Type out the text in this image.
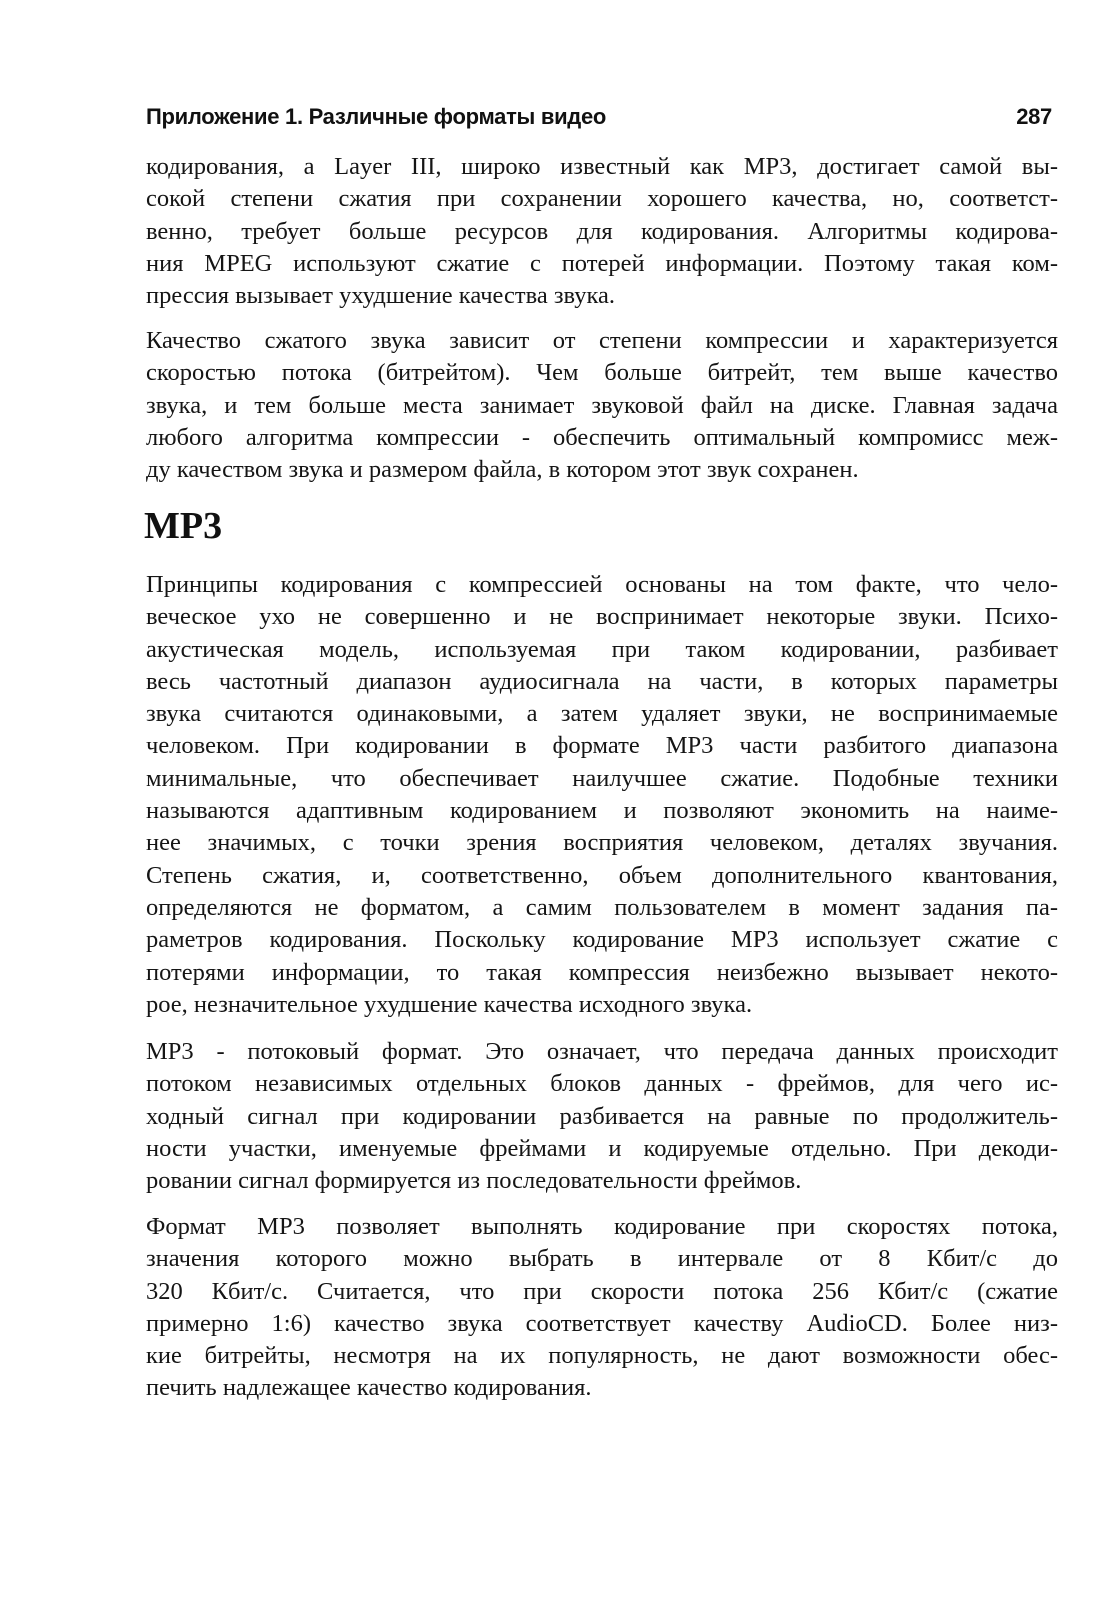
Приложение 1. Различные форматы видео	287

кодирования, а Layer III, широко известный как MP3, достигает самой вы-
сокой степени сжатия при сохранении хорошего качества, но, соответст-
венно, требует больше ресурсов для кодирования. Алгоритмы кодирова-
ния MPEG используют сжатие с потерей информации. Поэтому такая ком-
прессия вызывает ухудшение качества звука.

Качество сжатого звука зависит от степени компрессии и характеризуется
скоростью потока (битрейтом). Чем больше битрейт, тем выше качество
звука, и тем больше места занимает звуковой файл на диске. Главная задача
любого алгоритма компрессии - обеспечить оптимальный компромисс меж-
ду качеством звука и размером файла, в котором этот звук сохранен.

MP3

Принципы кодирования с компрессией основаны на том факте, что чело-
веческое ухо не совершенно и не воспринимает некоторые звуки. Психо-
акустическая модель, используемая при таком кодировании, разбивает
весь частотный диапазон аудиосигнала на части, в которых параметры
звука считаются одинаковыми, а затем удаляет звуки, не воспринимаемые
человеком. При кодировании в формате MP3 части разбитого диапазона
минимальные, что обеспечивает наилучшее сжатие. Подобные техники
называются адаптивным кодированием и позволяют экономить на наиме-
нее значимых, с точки зрения восприятия человеком, деталях звучания.
Степень сжатия, и, соответственно, объем дополнительного квантования,
определяются не форматом, а самим пользователем в момент задания па-
раметров кодирования. Поскольку кодирование MP3 использует сжатие с
потерями информации, то такая компрессия неизбежно вызывает некото-
рое, незначительное ухудшение качества исходного звука.

MP3 - потоковый формат. Это означает, что передача данных происходит
потоком независимых отдельных блоков данных - фреймов, для чего ис-
ходный сигнал при кодировании разбивается на равные по продолжитель-
ности участки, именуемые фреймами и кодируемые отдельно. При декоди-
ровании сигнал формируется из последовательности фреймов.

Формат MP3 позволяет выполнять кодирование при скоростях потока,
значения которого можно выбрать в интервале от 8 Кбит/с до
320 Кбит/с. Считается, что при скорости потока 256 Кбит/с (сжатие
примерно 1:6) качество звука соответствует качеству AudioCD. Более низ-
кие битрейты, несмотря на их популярность, не дают возможности обес-
печить надлежащее качество кодирования.
